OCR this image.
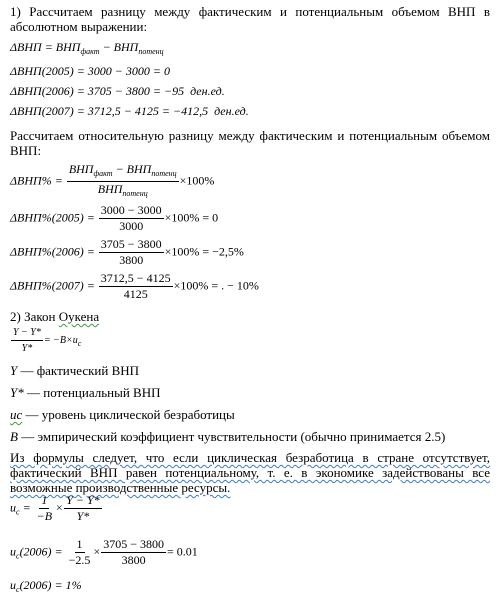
1) Рассчитаем разницу между фактическим и потенциальным объемом ВНП в абсолютном выражении:
$\Delta ВНП = ВНП_{факт} - ВНП_{потенц}$
ΔВНП(2005) = 3000 − 3000 = 0
ΔВНП(2006) = 3705 − 3800 = −95 ден.ед.
ΔВНП(2007) = 3712,5 − 4125 = −412,5 ден.ед.
Рассчитаем относительную разницу между фактическим и потенциальным объемом ВНП:
$\Delta ВНП\% = \frac{ВНП_{факт} - ВНП_{потенц}}{ВНП_{потенц}} \times 100\%$
$\Delta ВНП\%(2005) = \frac{3000 - 3000}{3000} \times 100\% = 0$
$\Delta ВНП\%(2006) = \frac{3705 - 3800}{3800} \times 100\% = -2,5\%$
$\Delta ВНП\%(2007) = \frac{3712,5 - 4125}{4125} \times 100\%$ = . − 10%
2) Закон Оукена
$\frac{Y - Y*}{Y*} = -B\times u_c$
Y — фактический ВНП
Y* — потенциальный ВНП
uc — уровень циклической безработицы
B — эмпирический коэффициент чувствительности (обычно принимается 2.5)
Из формулы следует, что если циклическая безработица в стране отсутствует, фактический ВНП равен потенциальному, т. е. в экономике задействованы все возможные производственные ресурсы.
$u_c = \frac{1}{-B} \times \frac{Y - Y*}{Y*}$
$u_c(2006) = \frac{1}{-2.5} \times \frac{3705 - 3800}{3800} = 0.01$
$u_c(2006) = 1\%$
